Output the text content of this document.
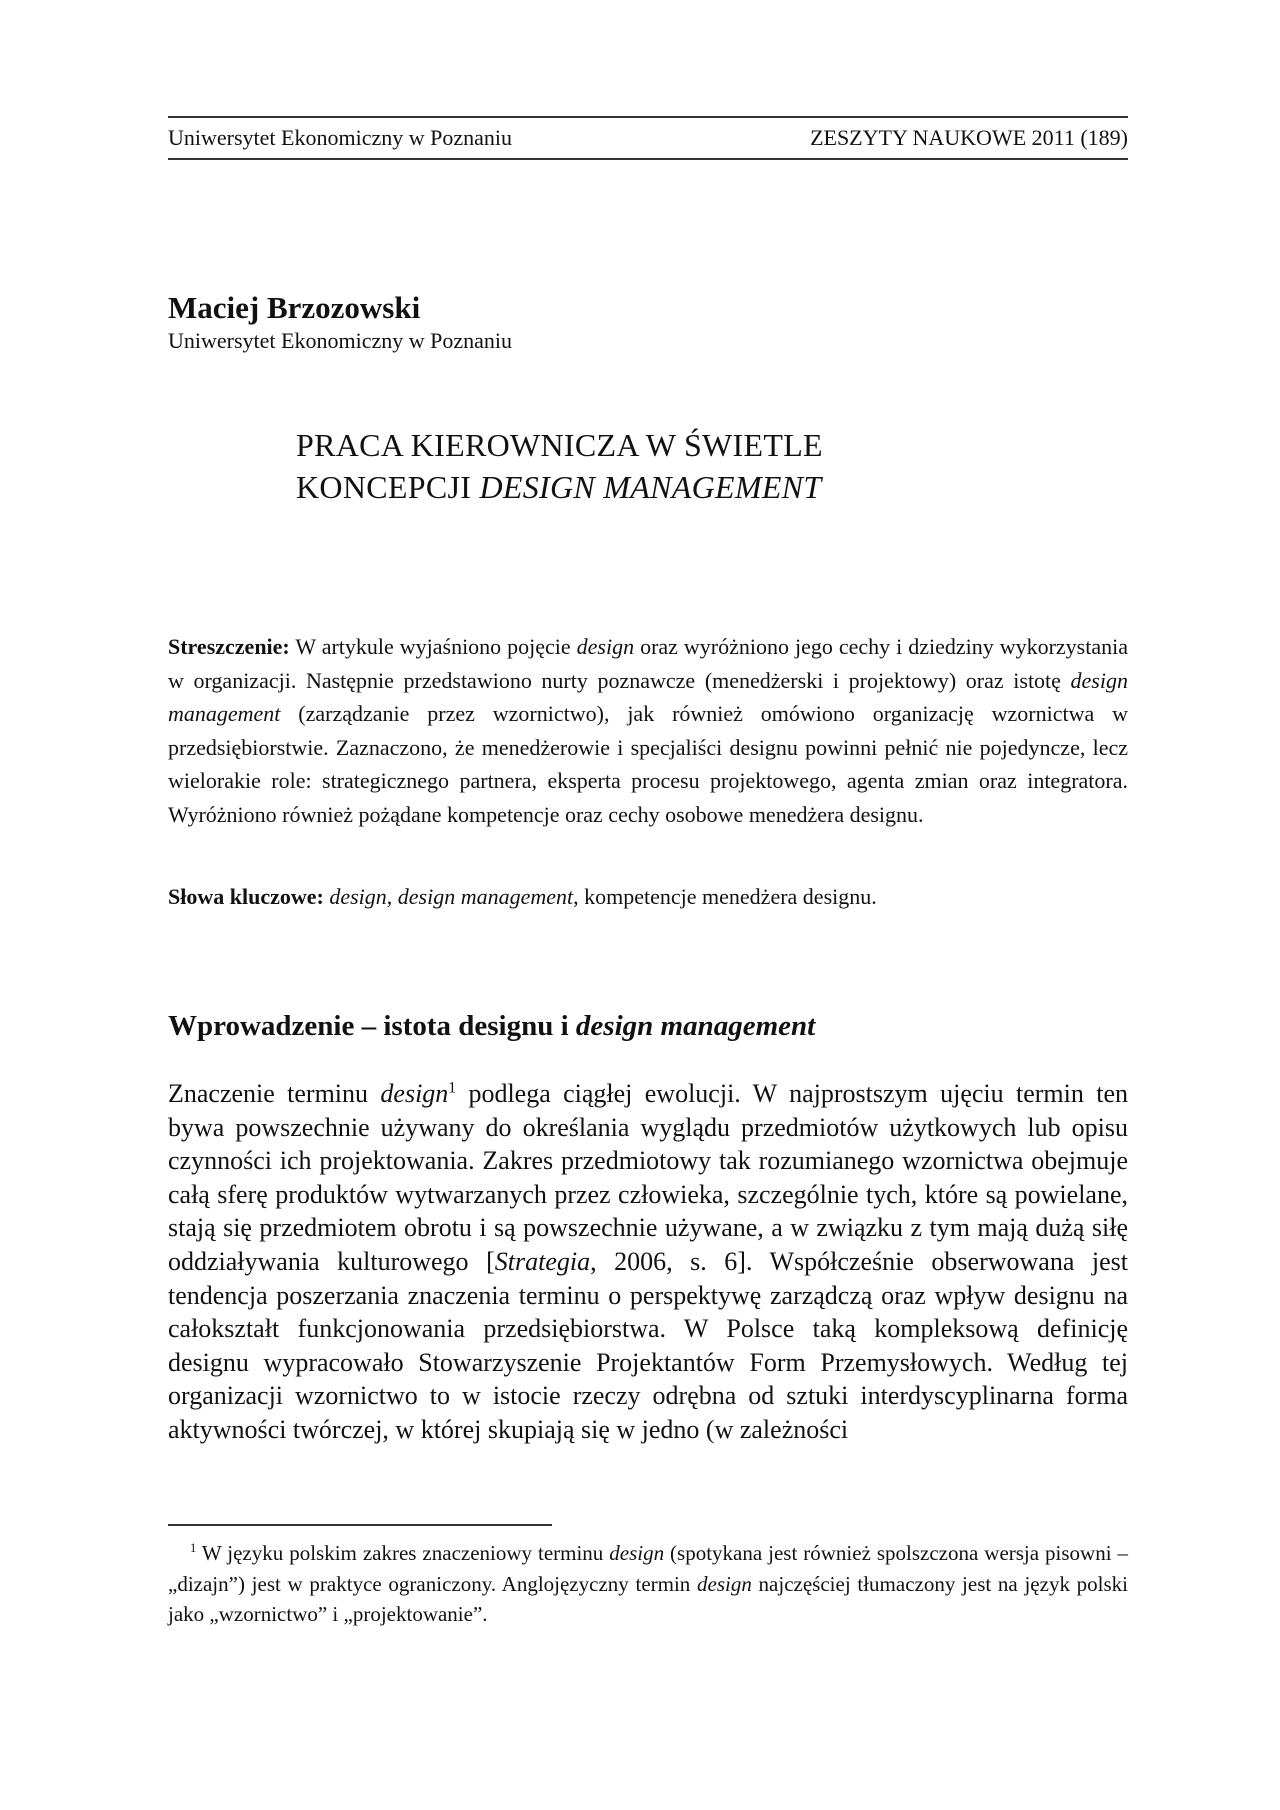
Uniwersytet Ekonomiczny w Poznaniu	ZESZYTY NAUKOWE 2011 (189)
Maciej Brzozowski
Uniwersytet Ekonomiczny w Poznaniu
PRACA KIEROWNICZA W ŚWIETLE
KONCEPCJI DESIGN MANAGEMENT
Streszczenie: W artykule wyjaśniono pojęcie design oraz wyróżniono jego cechy i dziedziny wykorzystania w organizacji. Następnie przedstawiono nurty poznawcze (menedżerski i projektowy) oraz istotę design management (zarządzanie przez wzornictwo), jak również omówiono organizację wzornictwa w przedsiębiorstwie. Zaznaczono, że menedżerowie i specjaliści designu powinni pełnić nie pojedyncze, lecz wielorakie role: strategicznego partnera, eksperta procesu projektowego, agenta zmian oraz integratora. Wyróżniono również pożądane kompetencje oraz cechy osobowe menedżera designu.
Słowa kluczowe: design, design management, kompetencje menedżera designu.
Wprowadzenie – istota designu i design management
Znaczenie terminu design$^1$ podlega ciągłej ewolucji. W najprostszym ujęciu termin ten bywa powszechnie używany do określania wyglądu przedmiotów użytkowych lub opisu czynności ich projektowania. Zakres przedmiotowy tak rozumianego wzornictwa obejmuje całą sferę produktów wytwarzanych przez człowieka, szczególnie tych, które są powielane, stają się przedmiotem obrotu i są powszechnie używane, a w związku z tym mają dużą siłę oddziaływania kulturowego [Strategia, 2006, s. 6]. Współcześnie obserwowana jest tendencja poszerzania znaczenia terminu o perspektywę zarządczą oraz wpływ designu na całokształt funkcjonowania przedsiębiorstwa. W Polsce taką kompleksową definicję designu wypracowało Stowarzyszenie Projektantów Form Przemysłowych. Według tej organizacji wzornictwo to w istocie rzeczy odrębna od sztuki interdyscyplinarna forma aktywności twórczej, w której skupiają się w jedno (w zależności
$^1$ W języku polskim zakres znaczeniowy terminu design (spotykana jest również spolszczona wersja pisowni – „dizajn”) jest w praktyce ograniczony. Anglojęzyczny termin design najczęściej tłumaczony jest na język polski jako „wzornictwo” i „projektowanie”.
